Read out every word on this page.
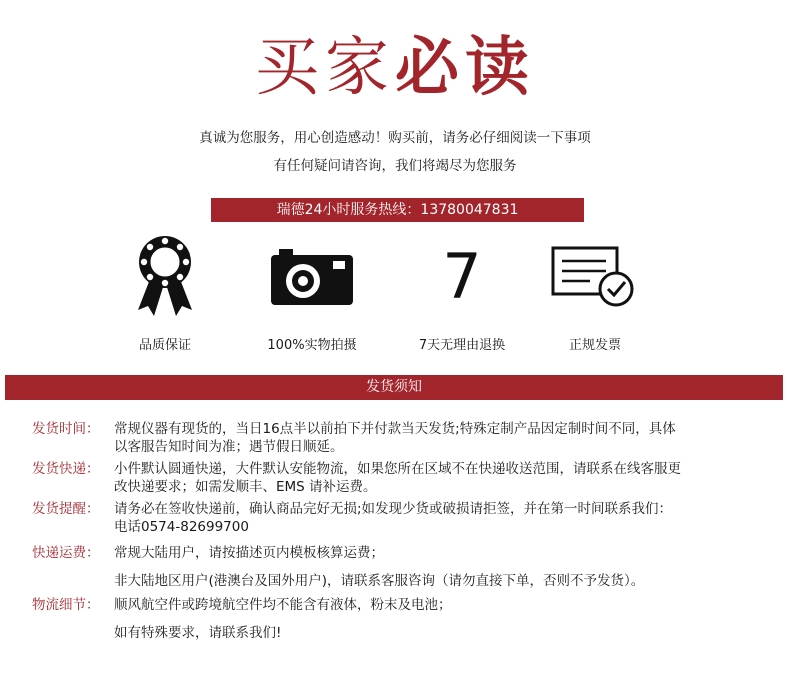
买家必读
真诚为您服务，用心创造感动！购买前，请务必仔细阅读一下事项
有任何疑问请咨询，我们将竭尽为您服务
瑞德24小时服务热线：13780047831
品质保证	100%实物拍摄
7
7天无理由退换	正规发票
发货须知
发货时间：	常规仪器有现货的，当日16点半以前拍下并付款当天发货;特殊定制产品因定制时间不同，具体
以客服告知时间为准；遇节假日顺延。
发货快递：	小件默认圆通快递，大件默认安能物流，如果您所在区域不在快递收送范围，请联系在线客服更
改快递要求；如需发顺丰、EMS 请补运费。
发货提醒：	请务必在签收快递前，确认商品完好无损;如发现少货或破损请拒签，并在第一时间联系我们：
电话0574-82699700
快递运费：	常规大陆用户，请按描述页内模板核算运费；
非大陆地区用户(港澳台及国外用户)，请联系客服咨询（请勿直接下单，否则不予发货）。
物流细节：	顺风航空件或跨境航空件均不能含有液体，粉末及电池；
如有特殊要求，请联系我们!
